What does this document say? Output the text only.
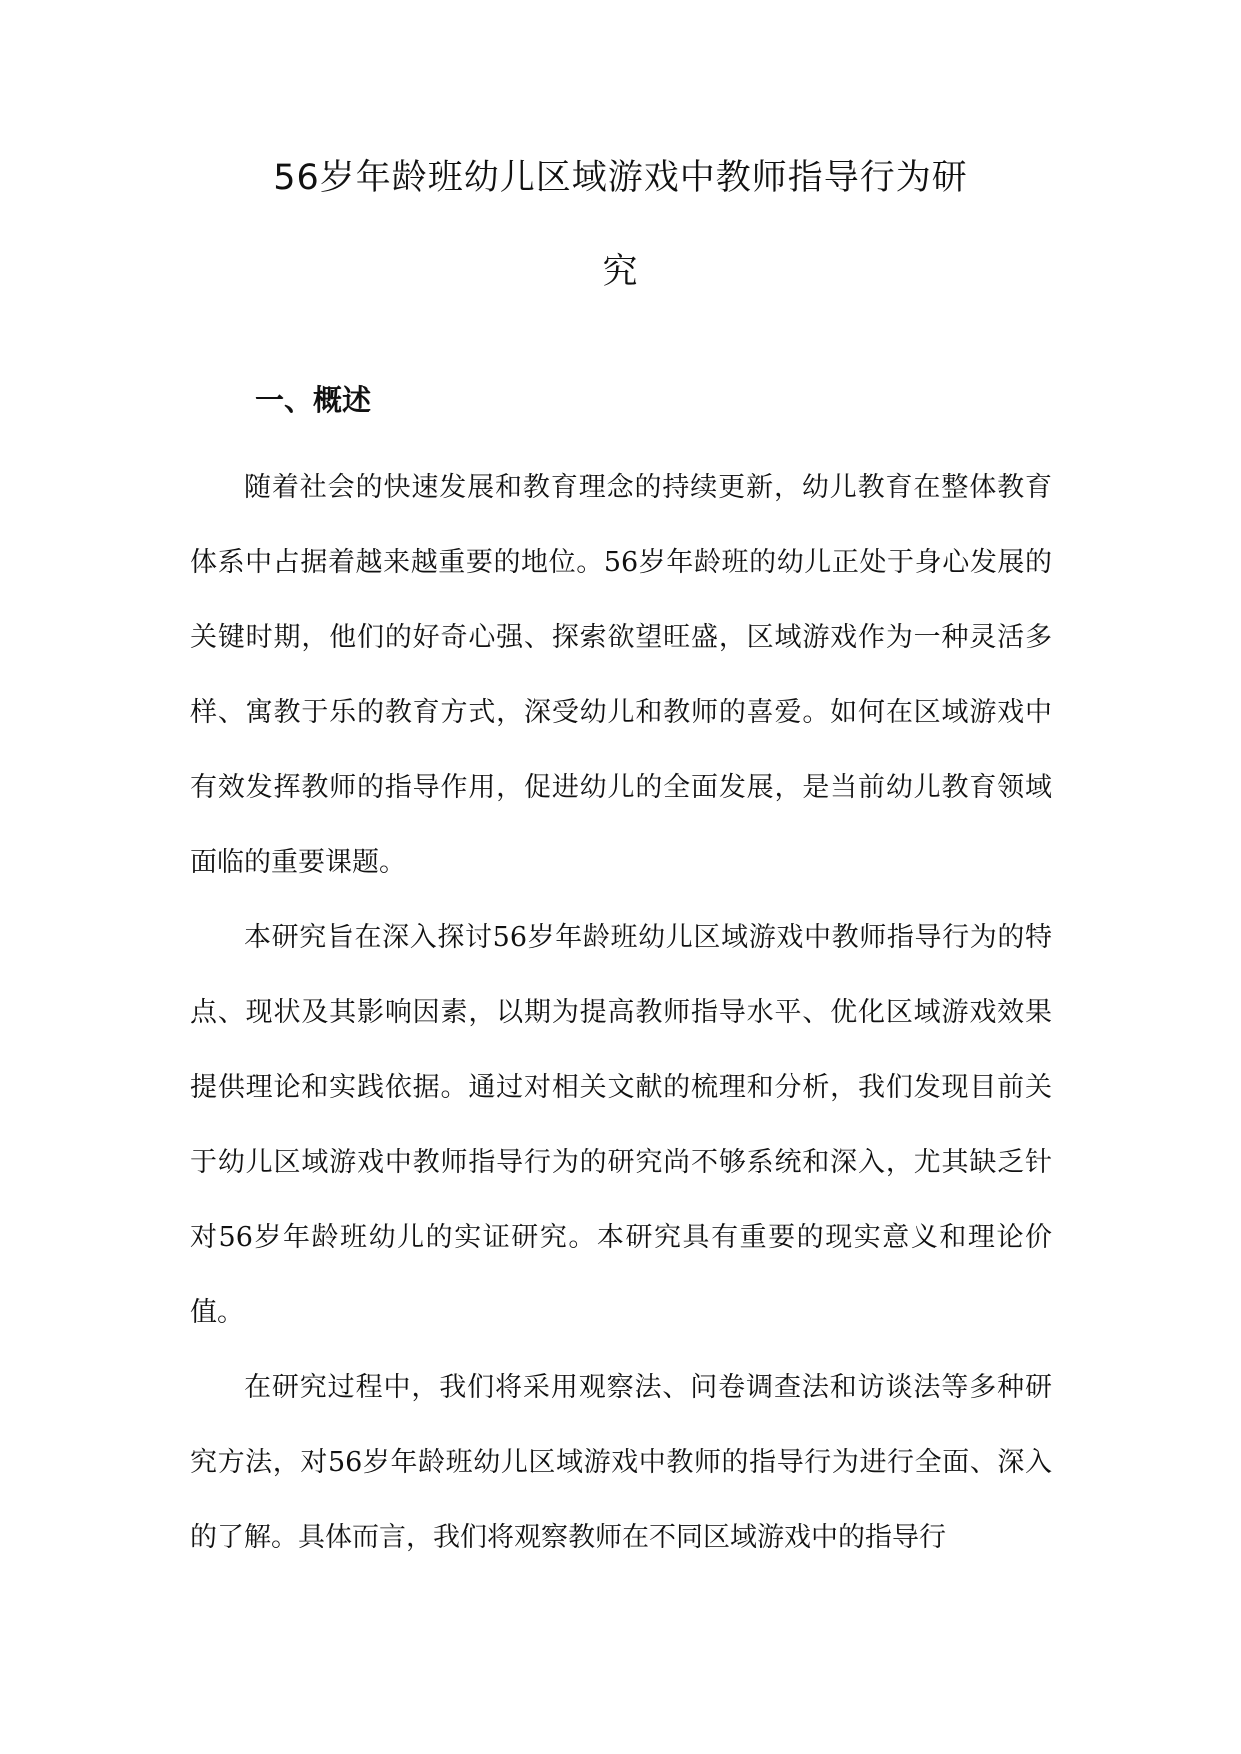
56岁年龄班幼儿区域游戏中教师指导行为研
究
一、概述

随着社会的快速发展和教育理念的持续更新，幼儿教育在整体教育体系中占据着越来越重要的地位。56岁年龄班的幼儿正处于身心发展的关键时期，他们的好奇心强、探索欲望旺盛，区域游戏作为一种灵活多样、寓教于乐的教育方式，深受幼儿和教师的喜爱。如何在区域游戏中有效发挥教师的指导作用，促进幼儿的全面发展，是当前幼儿教育领域面临的重要课题。

本研究旨在深入探讨56岁年龄班幼儿区域游戏中教师指导行为的特点、现状及其影响因素，以期为提高教师指导水平、优化区域游戏效果提供理论和实践依据。通过对相关文献的梳理和分析，我们发现目前关于幼儿区域游戏中教师指导行为的研究尚不够系统和深入，尤其缺乏针对56岁年龄班幼儿的实证研究。本研究具有重要的现实意义和理论价值。

在研究过程中，我们将采用观察法、问卷调查法和访谈法等多种研究方法，对56岁年龄班幼儿区域游戏中教师的指导行为进行全面、深入的了解。具体而言，我们将观察教师在不同区域游戏中的指导行
